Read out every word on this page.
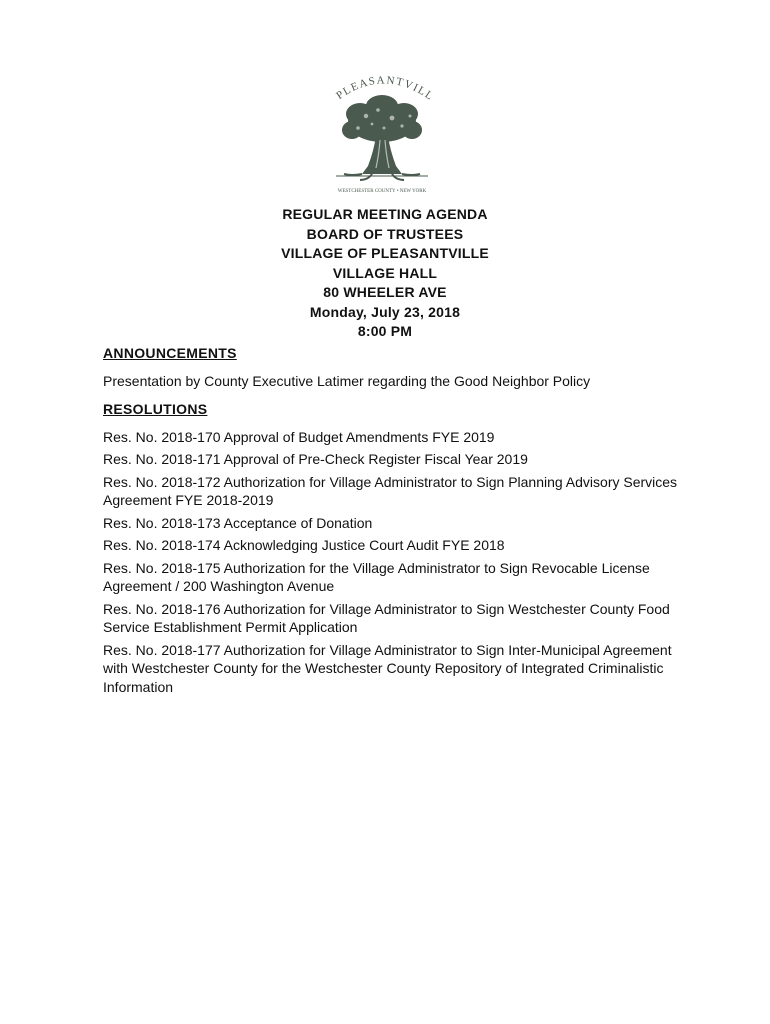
PLEASANTVILL
WESTCHESTER COUNTY • NEW YORK
REGULAR MEETING AGENDA
BOARD OF TRUSTEES
VILLAGE OF PLEASANTVILLE
VILLAGE HALL
80 WHEELER AVE
Monday, July 23, 2018
8:00 PM
ANNOUNCEMENTS
Presentation by County Executive Latimer regarding the Good Neighbor Policy
RESOLUTIONS
Res. No. 2018-170 Approval of Budget Amendments FYE 2019
Res. No. 2018-171 Approval of Pre-Check Register Fiscal Year 2019
Res. No. 2018-172 Authorization for Village Administrator to Sign Planning Advisory Services Agreement FYE 2018-2019
Res. No. 2018-173 Acceptance of Donation
Res. No. 2018-174 Acknowledging Justice Court Audit FYE 2018
Res. No. 2018-175 Authorization for the Village Administrator to Sign Revocable License Agreement / 200 Washington Avenue
Res. No. 2018-176 Authorization for Village Administrator to Sign Westchester County Food Service Establishment Permit Application
Res. No. 2018-177 Authorization for Village Administrator to Sign Inter-Municipal Agreement with Westchester County for the Westchester County Repository of Integrated Criminalistic Information
